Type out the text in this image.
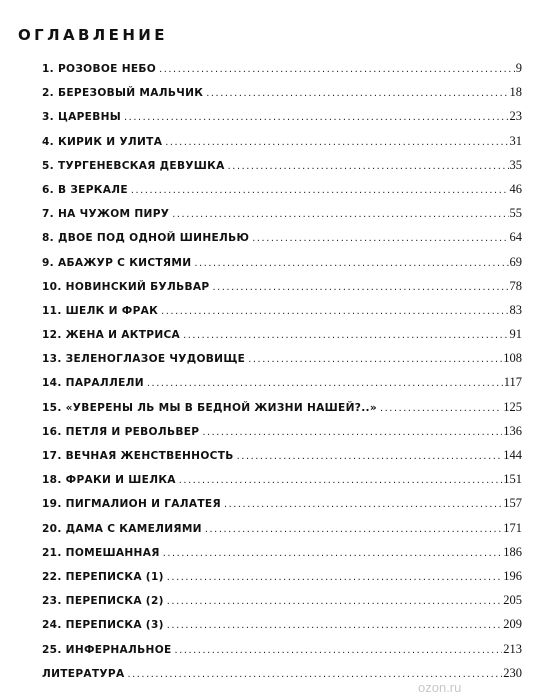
ОГЛАВЛЕНИЕ
1. РОЗОВОЕ НЕБО .....	9
2. БЕРЕЗОВЫЙ МАЛЬЧИК .....	18
3. ЦАРЕВНЫ .....	23
4. КИРИК И УЛИТА .....	31
5. ТУРГЕНЕВСКАЯ ДЕВУШКА .....	35
6. В ЗЕРКАЛЕ .....	46
7. НА ЧУЖОМ ПИРУ .....	55
8. ДВОЕ ПОД ОДНОЙ ШИНЕЛЬЮ .....	64
9. АБАЖУР С КИСТЯМИ .....	69
10. НОВИНСКИЙ БУЛЬВАР .....	78
11. ШЕЛК И ФРАК .....	83
12. ЖЕНА И АКТРИСА .....	91
13. ЗЕЛЕНОГЛАЗОЕ ЧУДОВИЩЕ .....	108
14. ПАРАЛЛЕЛИ .....	117
15. «УВЕРЕНЫ ЛЬ МЫ В БЕДНОЙ ЖИЗНИ НАШЕЙ?..» .....	125
16. ПЕТЛЯ И РЕВОЛЬВЕР .....	136
17. ВЕЧНАЯ ЖЕНСТВЕННОСТЬ .....	144
18. ФРАКИ И ШЕЛКА .....	151
19. ПИГМАЛИОН И ГАЛАТЕЯ .....	157
20. ДАМА С КАМЕЛИЯМИ .....	171
21. ПОМЕШАННАЯ .....	186
22. ПЕРЕПИСКА (1) .....	196
23. ПЕРЕПИСКА (2) .....	205
24. ПЕРЕПИСКА (3) .....	209
25. ИНФЕРНАЛЬНОЕ .....	213
ЛИТЕРАТУРА .....	230
ozon.ru
